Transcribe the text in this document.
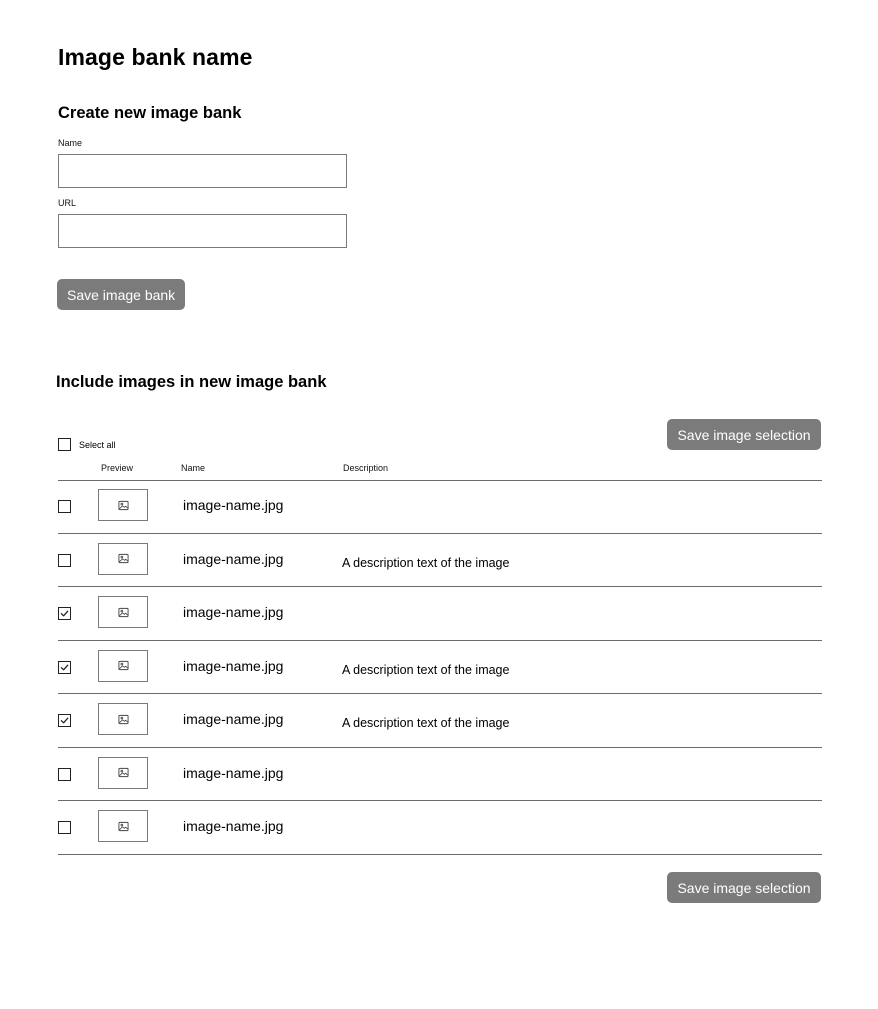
Image bank name
Create new image bank
Name
URL
Save image bank
Include images in new image bank
Select all
Save image selection
Preview	Name	Description
image-name.jpg
image-name.jpg	A description text of the image
image-name.jpg
image-name.jpg	A description text of the image
image-name.jpg	A description text of the image
image-name.jpg
image-name.jpg
Save image selection
